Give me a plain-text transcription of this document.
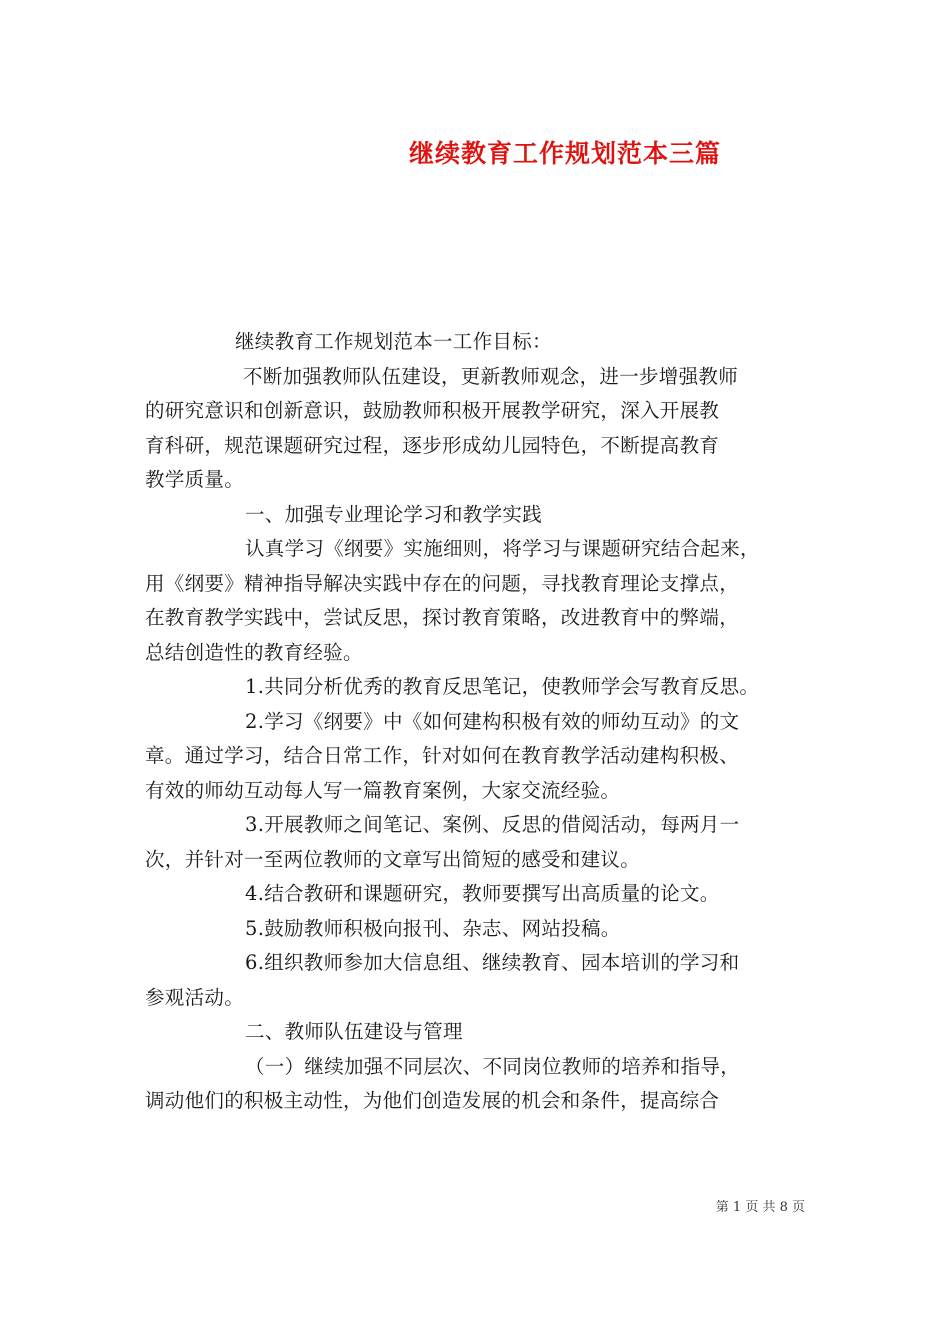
继续教育工作规划范本三篇
继续教育工作规划范本一工作目标：
不断加强教师队伍建设，更新教师观念，进一步增强教师
的研究意识和创新意识，鼓励教师积极开展教学研究，深入开展教
育科研，规范课题研究过程，逐步形成幼儿园特色，不断提高教育
教学质量。
一、加强专业理论学习和教学实践
认真学习《纲要》实施细则，将学习与课题研究结合起来，
用《纲要》精神指导解决实践中存在的问题，寻找教育理论支撑点，
在教育教学实践中，尝试反思，探讨教育策略，改进教育中的弊端，
总结创造性的教育经验。
1.共同分析优秀的教育反思笔记，使教师学会写教育反思。
2.学习《纲要》中《如何建构积极有效的师幼互动》的文
章。通过学习，结合日常工作，针对如何在教育教学活动建构积极、
有效的师幼互动每人写一篇教育案例，大家交流经验。
3.开展教师之间笔记、案例、反思的借阅活动，每两月一
次，并针对一至两位教师的文章写出简短的感受和建议。
4.结合教研和课题研究，教师要撰写出高质量的论文。
5.鼓励教师积极向报刊、杂志、网站投稿。
6.组织教师参加大信息组、继续教育、园本培训的学习和
参观活动。
二、教师队伍建设与管理
（一）继续加强不同层次、不同岗位教师的培养和指导，
调动他们的积极主动性，为他们创造发展的机会和条件，提高综合
第 1 页 共 8 页
